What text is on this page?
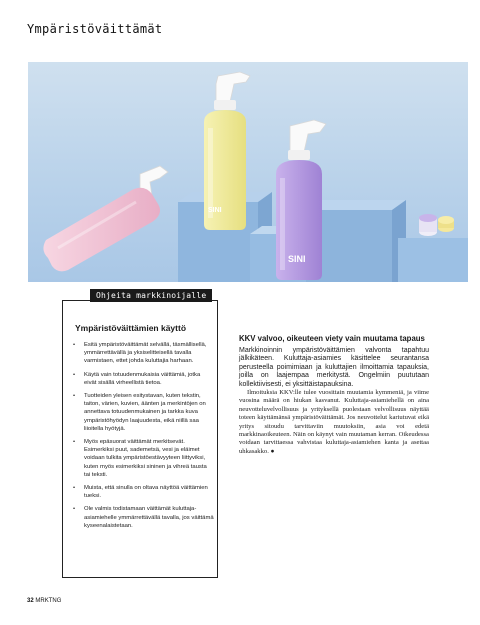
Ympäristöväittämät
SINI
SINI
Ohjeita markkinoijalle
Ympäristöväittämien käyttö
• Esitä ympäristöväittämät selvällä, täsmällisellä, ymmärrettävällä ja yksiselitteisellä tavalla varmistaen, ettet johda kuluttajia harhaan.
• Käytä vain totuudenmukaisia väittämiä, jotka eivät sisällä virheellistä tietoa.
• Tuotteiden yleisen esitystavan, kuten tekstin, taiton, värien, kuvien, äänten ja merkintöjen on annettava totuudenmukainen ja tarkka kuva ympäristöhyödyn laajuudesta, eikä niillä saa liioitella hyötyjä.
• Myös epäsuorat väittämät merkitsevät. Esimerkiksi puut, sademetsä, vesi ja eläimet voidaan tulkita ympäristöestävyyteen liittyviksi, kuten myös esimerkiksi sininen ja vihreä tausta tai teksti.
• Muista, että sinulla on oltava näyttöä väittämien tueksi.
• Ole valmis todistamaan väittämät kuluttaja-asiamiehelle ymmärrettävällä tavalla, jos väittämä kyseenalaistetaan.
KKV valvoo, oikeuteen viety vain muutama tapaus

Markkinoinnin ympäristöväittämien valvonta tapahtuu jälkikäteen. Kuluttaja-asiamies käsittelee seurantansa perusteella poimimiaan ja kuluttajien ilmoittamia tapauksia, joilla on laajempaa merkitystä. Ongelmiin puututaan kollektiivisesti, ei yksittäistapauksina.

Ilmoituksia KKV:lle tulee vuosittain muutamia kymmeniä, ja viime vuosina määrä on hiukan kasvanut. Kuluttaja-asiamiehellä on aina neuvotteluvelvollisuus ja yrityksellä puolestaan velvollisuus näyttää toteen käyttämänsä ympäristöväittämät. Jos neuvottelut kariutuvat eikä yritys sitoudu tarvittaviin muutoksiin, asia voi edetä markkinaoikeuteen. Näin on käynyt vain muutaman kerran. Oikeudessa voidaan tarvittaessa vahvistaa kuluttaja-asiamiehen kanta ja asettaa uhkasakko. ●

32 MRKTNG
